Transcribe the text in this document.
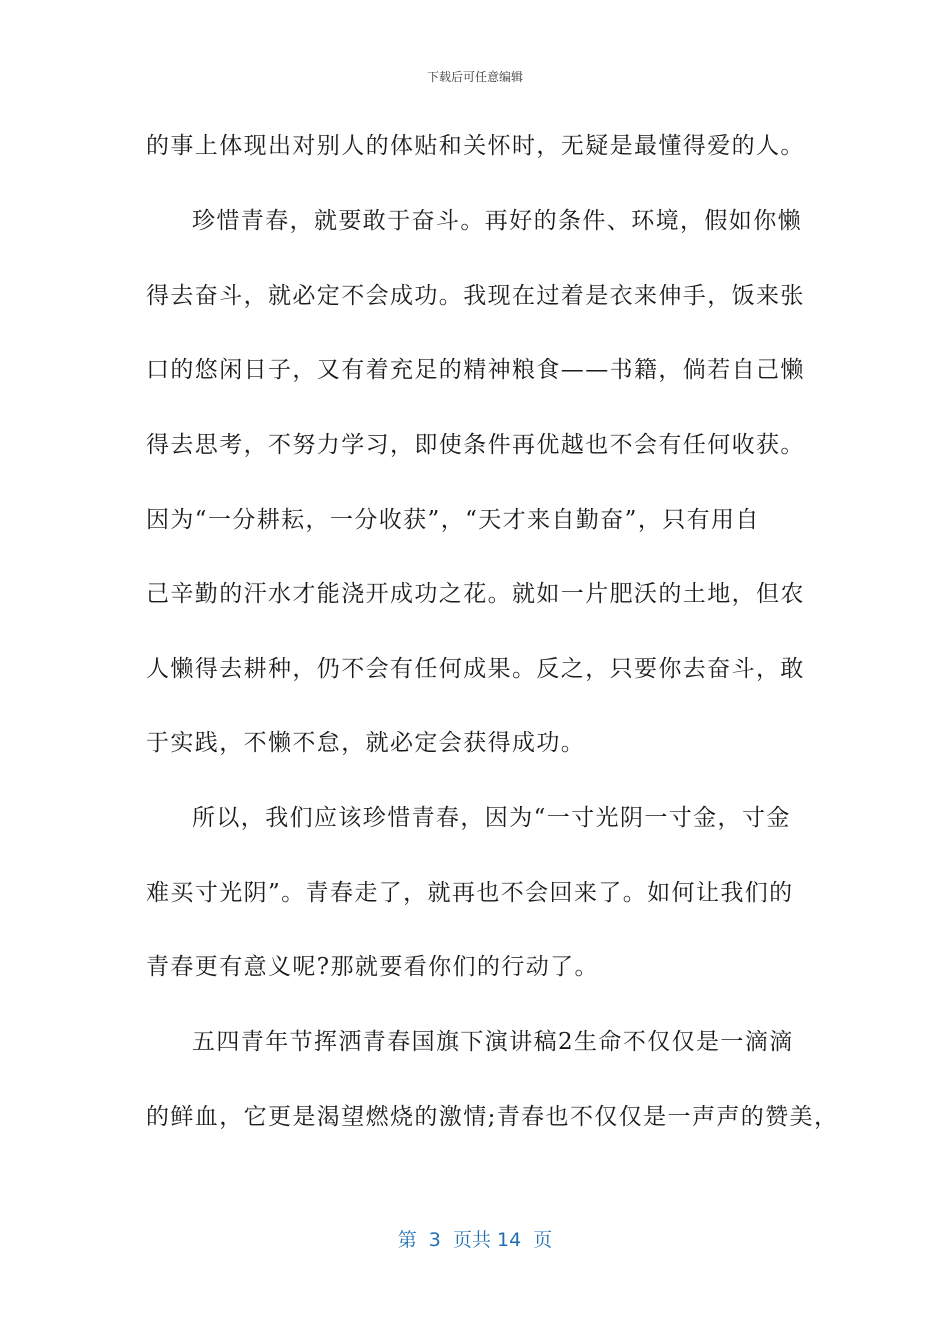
下载后可任意编辑
的事上体现出对别人的体贴和关怀时，无疑是最懂得爱的人。
珍惜青春，就要敢于奋斗。再好的条件、环境，假如你懒
得去奋斗，就必定不会成功。我现在过着是衣来伸手，饭来张
口的悠闲日子，又有着充足的精神粮食——书籍，倘若自己懒
得去思考，不努力学习，即使条件再优越也不会有任何收获。
因为“一分耕耘，一分收获”，“天才来自勤奋”，只有用自
己辛勤的汗水才能浇开成功之花。就如一片肥沃的土地，但农
人懒得去耕种，仍不会有任何成果。反之，只要你去奋斗，敢
于实践，不懒不怠，就必定会获得成功。
所以，我们应该珍惜青春，因为“一寸光阴一寸金，寸金
难买寸光阴”。青春走了，就再也不会回来了。如何让我们的
青春更有意义呢?那就要看你们的行动了。
五四青年节挥洒青春国旗下演讲稿2生命不仅仅是一滴滴
的鲜血，它更是渴望燃烧的激情;青春也不仅仅是一声声的赞美，
第  3  页共 14  页
